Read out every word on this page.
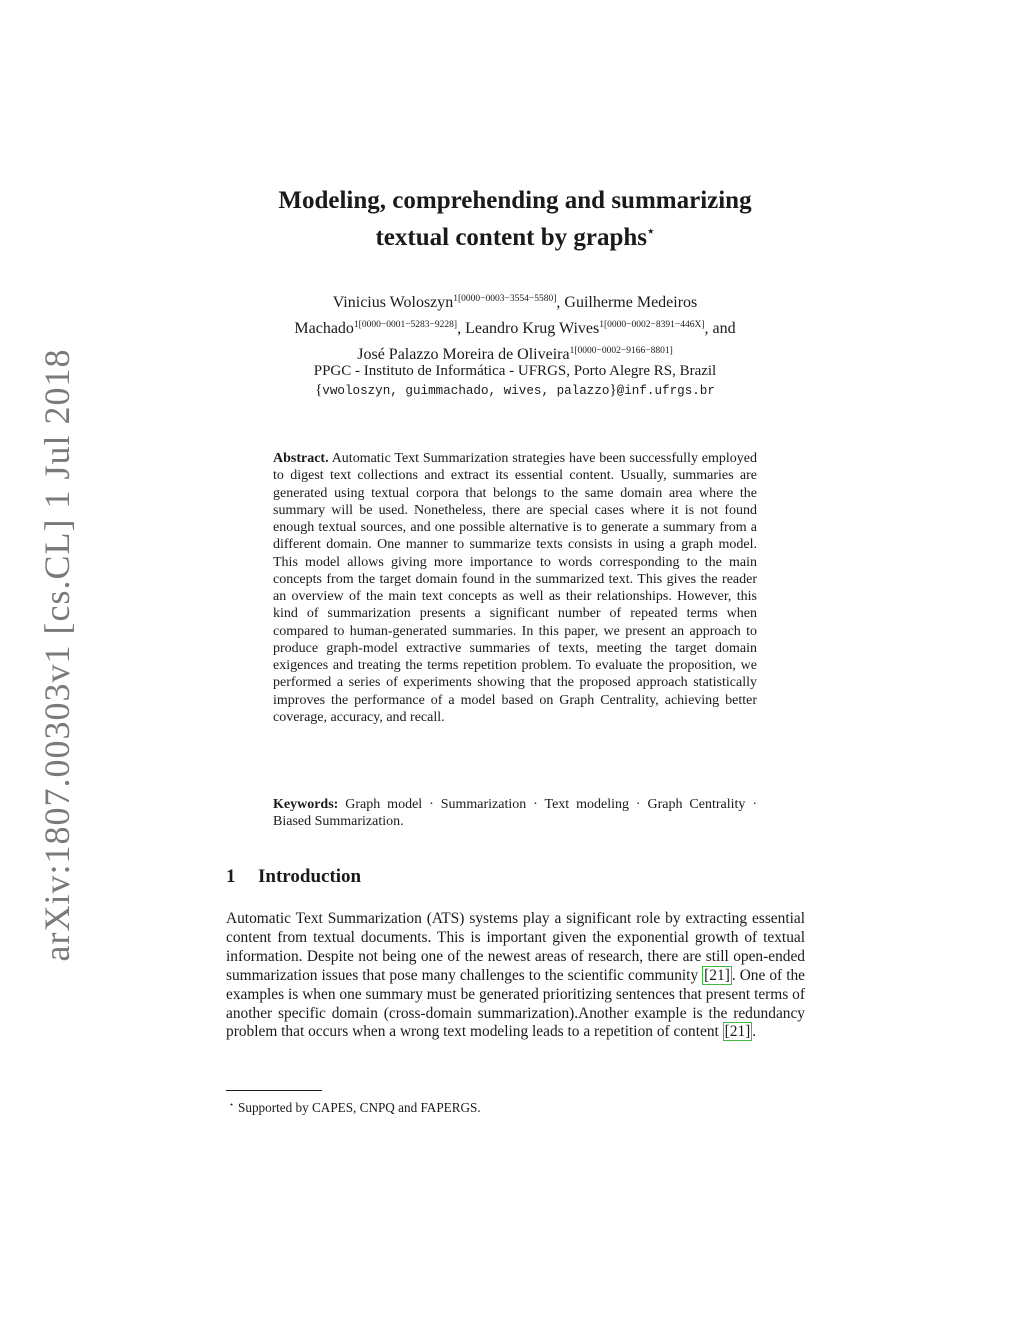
arXiv:1807.00303v1 [cs.CL] 1 Jul 2018
Modeling, comprehending and summarizing
textual content by graphs⋆
Vinicius Woloszyn$^{1[0000-0003-3554-5580]}$, Guilherme Medeiros
Machado$^{1[0000-0001-5283-9228]}$, Leandro Krug Wives$^{1[0000-0002-8391-446X]}$, and
José Palazzo Moreira de Oliveira$^{1[0000-0002-9166-8801]}$
PPGC - Instituto de Informática - UFRGS, Porto Alegre RS, Brazil
{vwoloszyn, guimmachado, wives, palazzo}@inf.ufrgs.br
Abstract. Automatic Text Summarization strategies have been successfully employed to digest text collections and extract its essential content. Usually, summaries are generated using textual corpora that belongs to the same domain area where the summary will be used. Nonetheless, there are special cases where it is not found enough textual sources, and one possible alternative is to generate a summary from a different domain. One manner to summarize texts consists in using a graph model. This model allows giving more importance to words corresponding to the main concepts from the target domain found in the summarized text. This gives the reader an overview of the main text concepts as well as their relationships. However, this kind of summarization presents a significant number of repeated terms when compared to human-generated summaries. In this paper, we present an approach to produce graph-model extractive summaries of texts, meeting the target domain exigences and treating the terms repetition problem. To evaluate the proposition, we performed a series of experiments showing that the proposed approach statistically improves the performance of a model based on Graph Centrality, achieving better coverage, accuracy, and recall.
Keywords: Graph model · Summarization · Text modeling · Graph Centrality · Biased Summarization.
1 Introduction
Automatic Text Summarization (ATS) systems play a significant role by extracting essential content from textual documents. This is important given the exponential growth of textual information. Despite not being one of the newest areas of research, there are still open-ended summarization issues that pose many challenges to the scientific community [21] . One of the examples is when one summary must be generated prioritizing sentences that present terms of another specific domain (cross-domain summarization).Another example is the redundancy problem that occurs when a wrong text modeling leads to a repetition of content [21] .
⋆ Supported by CAPES, CNPQ and FAPERGS.
